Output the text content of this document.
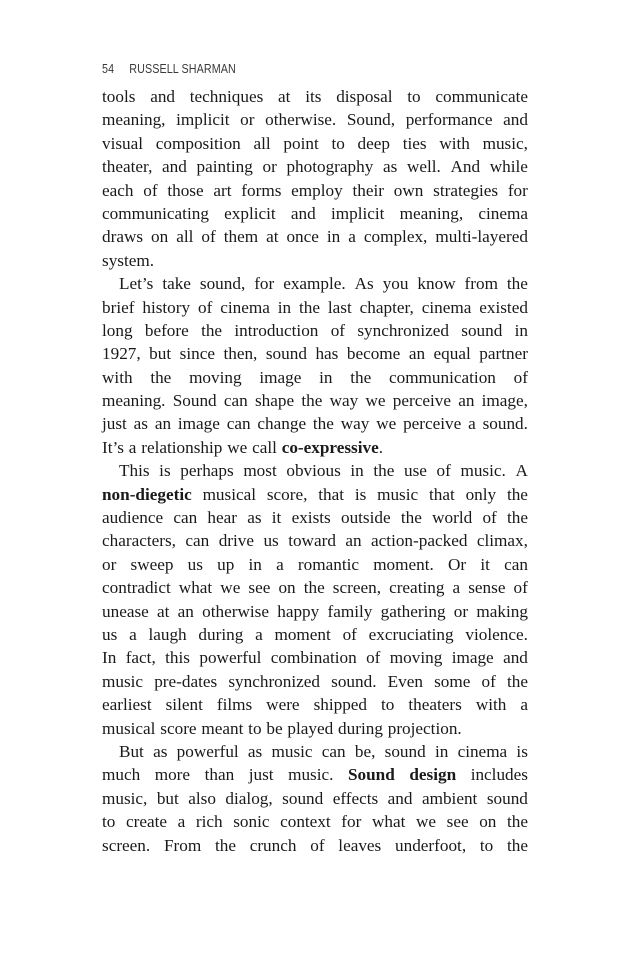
54 RUSSELL SHARMAN
tools and techniques at its disposal to communicate
meaning, implicit or otherwise. Sound, performance and
visual composition all point to deep ties with music,
theater, and painting or photography as well. And while
each of those art forms employ their own strategies for
communicating explicit and implicit meaning, cinema
draws on all of them at once in a complex, multi-layered
system.
Let’s take sound, for example. As you know from the
brief history of cinema in the last chapter, cinema existed
long before the introduction of synchronized sound in
1927, but since then, sound has become an equal partner
with the moving image in the communication of
meaning. Sound can shape the way we perceive an image,
just as an image can change the way we perceive a sound.
It’s a relationship we call co-expressive.
This is perhaps most obvious in the use of music. A
non-diegetic musical score, that is music that only the
audience can hear as it exists outside the world of the
characters, can drive us toward an action-packed climax,
or sweep us up in a romantic moment. Or it can
contradict what we see on the screen, creating a sense of
unease at an otherwise happy family gathering or making
us a laugh during a moment of excruciating violence.
In fact, this powerful combination of moving image and
music pre-dates synchronized sound. Even some of the
earliest silent films were shipped to theaters with a
musical score meant to be played during projection.
But as powerful as music can be, sound in cinema is
much more than just music. Sound design includes
music, but also dialog, sound effects and ambient sound
to create a rich sonic context for what we see on the
screen. From the crunch of leaves underfoot, to the
